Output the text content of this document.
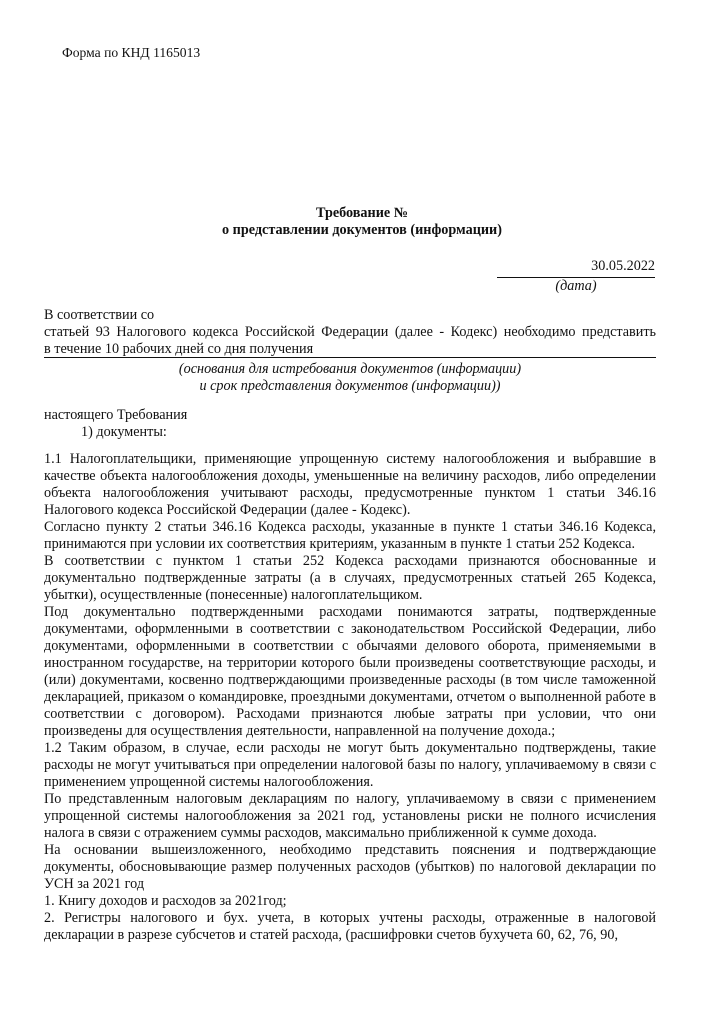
Форма по КНД 1165013
Требование №
о представлении документов (информации)
30.05.2022
(дата)
В соответствии со
статьей 93 Налогового кодекса Российской Федерации (далее - Кодекс) необходимо представить
в течение 10 рабочих дней со дня получения
(основания для истребования документов (информации)
и срок представления документов (информации))
настоящего Требования
1) документы:

1.1 Налогоплательщики, применяющие упрощенную систему налогообложения и выбравшие в качестве объекта налогообложения доходы, уменьшенные на величину расходов, либо определении объекта налогообложения учитывают расходы, предусмотренные пунктом 1 статьи 346.16 Налогового кодекса Российской Федерации (далее - Кодекс).

Согласно пункту 2 статьи 346.16 Кодекса расходы, указанные в пункте 1 статьи 346.16 Кодекса, принимаются при условии их соответствия критериям, указанным в пункте 1 статьи 252 Кодекса.

В соответствии с пунктом 1 статьи 252 Кодекса расходами признаются обоснованные и документально подтвержденные затраты (а в случаях, предусмотренных статьей 265 Кодекса, убытки), осуществленные (понесенные) налогоплательщиком.

Под документально подтвержденными расходами понимаются затраты, подтвержденные документами, оформленными в соответствии с законодательством Российской Федерации, либо документами, оформленными в соответствии с обычаями делового оборота, применяемыми в иностранном государстве, на территории которого были произведены соответствующие расходы, и (или) документами, косвенно подтверждающими произведенные расходы (в том числе таможенной декларацией, приказом о командировке, проездными документами, отчетом о выполненной работе в соответствии с договором). Расходами признаются любые затраты при условии, что они произведены для осуществления деятельности, направленной на получение дохода.;

1.2 Таким образом, в случае, если расходы не могут быть документально подтверждены, такие расходы не могут учитываться при определении налоговой базы по налогу, уплачиваемому в связи с применением упрощенной системы налогообложения.

По представленным налоговым декларациям по налогу, уплачиваемому в связи с применением упрощенной системы налогообложения за 2021 год, установлены риски не полного исчисления налога в связи с отражением суммы расходов, максимально приближенной к сумме дохода.

На основании вышеизложенного, необходимо представить пояснения и подтверждающие документы, обосновывающие размер полученных расходов (убытков) по налоговой декларации по УСН за 2021 год

1. Книгу доходов и расходов за 2021год;

2. Регистры налогового и бух. учета, в которых учтены расходы, отраженные в налоговой декларации в разрезе субсчетов и статей расхода, (расшифровки счетов бухучета 60, 62, 76, 90,
